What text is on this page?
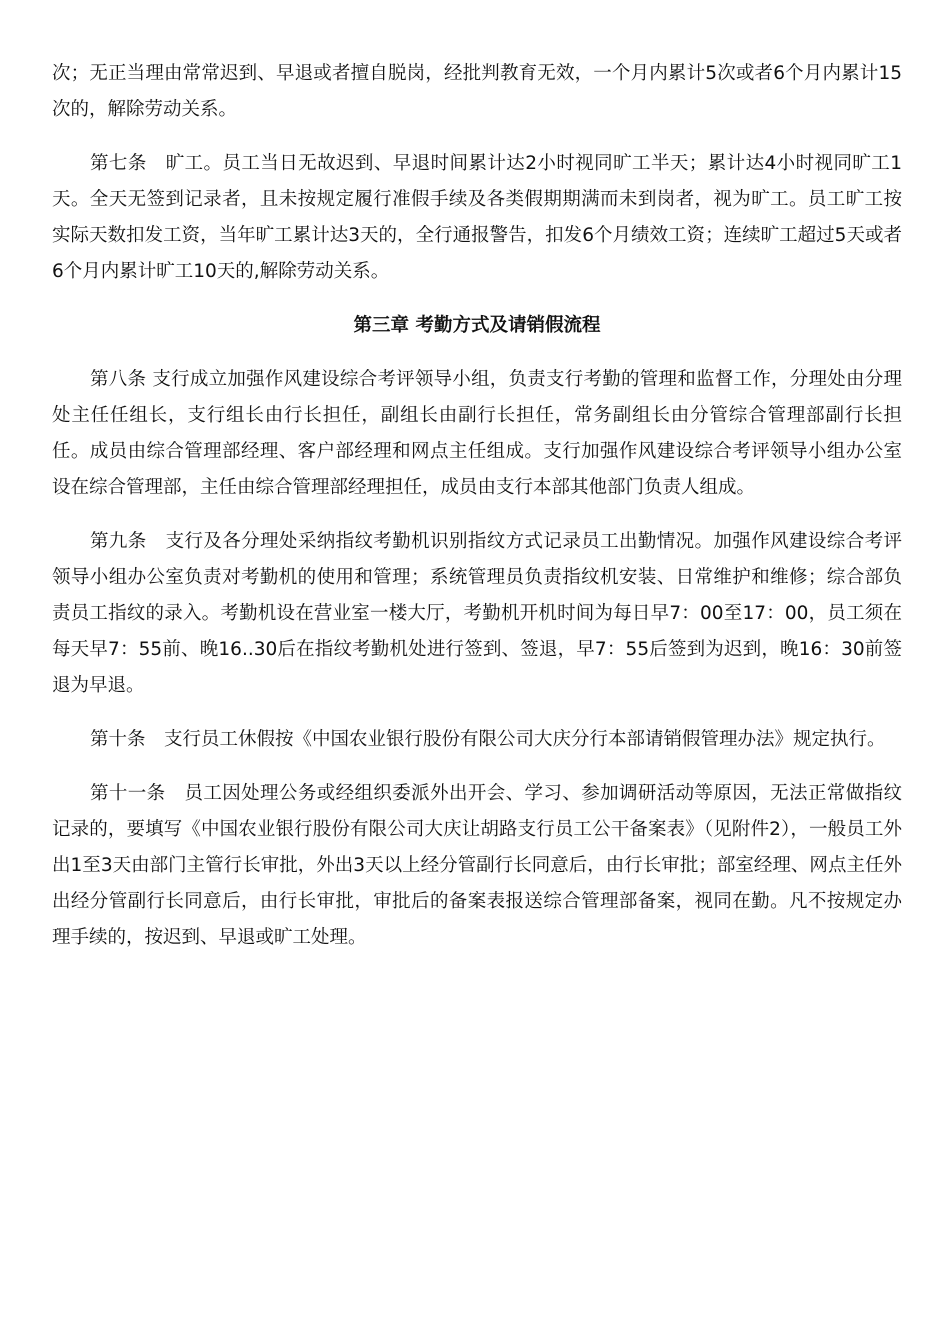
次；无正当理由常常迟到、早退或者擅自脱岗，经批判教育无效，一个月内累计5次或者6个月内累计15次的，解除劳动关系。

第七条　旷工。员工当日无故迟到、早退时间累计达2小时视同旷工半天；累计达4小时视同旷工1天。全天无签到记录者，且未按规定履行准假手续及各类假期期满而未到岗者，视为旷工。员工旷工按实际天数扣发工资，当年旷工累计达3天的，全行通报警告，扣发6个月绩效工资；连续旷工超过5天或者6个月内累计旷工10天的,解除劳动关系。

第三章 考勤方式及请销假流程

第八条 支行成立加强作风建设综合考评领导小组，负责支行考勤的管理和监督工作，分理处由分理处主任任组长，支行组长由行长担任，副组长由副行长担任，常务副组长由分管综合管理部副行长担任。成员由综合管理部经理、客户部经理和网点主任组成。支行加强作风建设综合考评领导小组办公室设在综合管理部，主任由综合管理部经理担任，成员由支行本部其他部门负责人组成。

第九条　支行及各分理处采纳指纹考勤机识别指纹方式记录员工出勤情况。加强作风建设综合考评领导小组办公室负责对考勤机的使用和管理；系统管理员负责指纹机安装、日常维护和维修；综合部负责员工指纹的录入。考勤机设在营业室一楼大厅，考勤机开机时间为每日早7：00至17：00，员工须在每天早7：55前、晚16..30后在指纹考勤机处进行签到、签退，早7：55后签到为迟到，晚16：30前签退为早退。

第十条　支行员工休假按《中国农业银行股份有限公司大庆分行本部请销假管理办法》规定执行。

第十一条　员工因处理公务或经组织委派外出开会、学习、参加调研活动等原因，无法正常做指纹记录的，要填写《中国农业银行股份有限公司大庆让胡路支行员工公干备案表》（见附件2），一般员工外出1至3天由部门主管行长审批，外出3天以上经分管副行长同意后，由行长审批；部室经理、网点主任外出经分管副行长同意后，由行长审批，审批后的备案表报送综合管理部备案，视同在勤。凡不按规定办理手续的，按迟到、早退或旷工处理。
